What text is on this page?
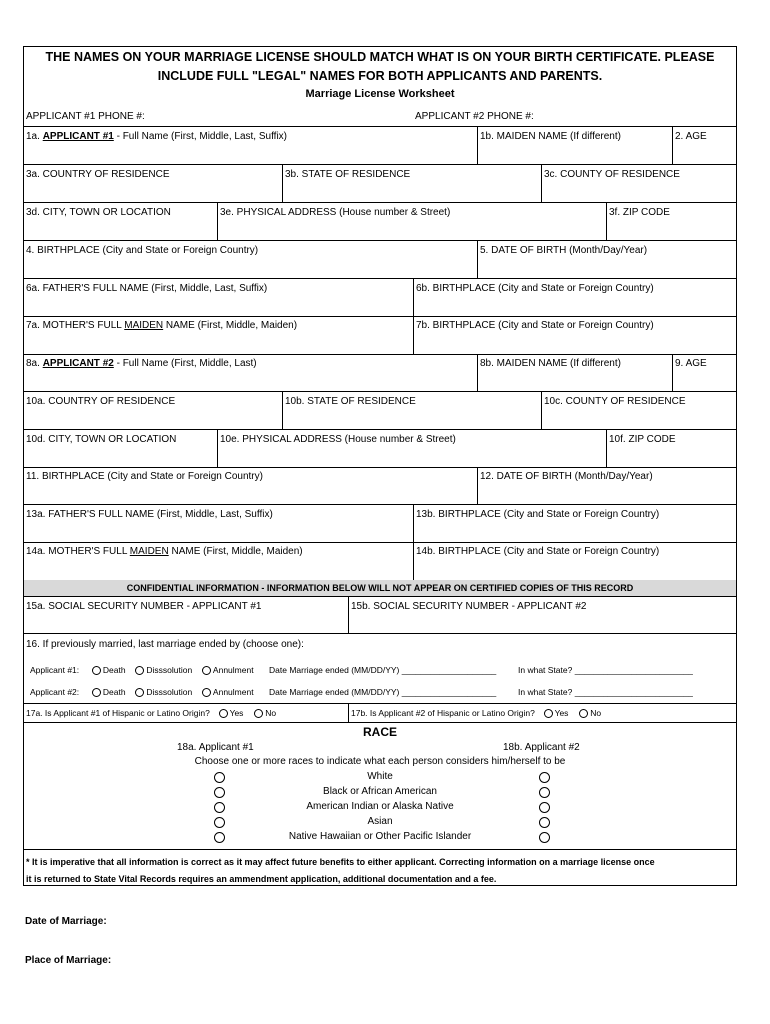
THE NAMES ON YOUR MARRIAGE LICENSE SHOULD MATCH WHAT IS ON YOUR BIRTH CERTIFICATE. PLEASE
INCLUDE FULL "LEGAL" NAMES FOR BOTH APPLICANTS AND PARENTS.
Marriage License Worksheet
APPLICANT #1 PHONE #:	APPLICANT #2 PHONE #:
1a. APPLICANT #1 - Full Name (First, Middle, Last, Suffix)	1b. MAIDEN NAME (If different)	2. AGE
3a. COUNTRY OF RESIDENCE	3b. STATE OF RESIDENCE	3c. COUNTY OF RESIDENCE
3d. CITY, TOWN OR LOCATION	3e. PHYSICAL ADDRESS (House number & Street)	3f. ZIP CODE
4. BIRTHPLACE (City and State or Foreign Country)	5. DATE OF BIRTH (Month/Day/Year)
6a. FATHER'S FULL NAME (First, Middle, Last, Suffix)	6b. BIRTHPLACE (City and State or Foreign Country)
7a. MOTHER'S FULL MAIDEN NAME (First, Middle, Maiden)	7b. BIRTHPLACE (City and State or Foreign Country)
8a. APPLICANT #2 - Full Name (First, Middle, Last)	8b. MAIDEN NAME (If different)	9. AGE
10a. COUNTRY OF RESIDENCE	10b. STATE OF RESIDENCE	10c. COUNTY OF RESIDENCE
10d. CITY, TOWN OR LOCATION	10e. PHYSICAL ADDRESS (House number & Street)	10f. ZIP CODE
11. BIRTHPLACE (City and State or Foreign Country)	12. DATE OF BIRTH (Month/Day/Year)
13a. FATHER'S FULL NAME (First, Middle, Last, Suffix)	13b. BIRTHPLACE (City and State or Foreign Country)
14a. MOTHER'S FULL MAIDEN NAME (First, Middle, Maiden)	14b. BIRTHPLACE (City and State or Foreign Country)
CONFIDENTIAL INFORMATION - INFORMATION BELOW WILL NOT APPEAR ON CERTIFIED COPIES OF THIS RECORD
15a. SOCIAL SECURITY NUMBER - APPLICANT #1	15b. SOCIAL SECURITY NUMBER - APPLICANT #2
16. If previously married, last marriage ended by (choose one):
Applicant #1:	Death Disssolution Annulment Date Marriage ended (MM/DD/YY) ____________________	In what State? _________________________
Applicant #2:	Death Disssolution Annulment Date Marriage ended (MM/DD/YY) ____________________	In what State? _________________________
17a. Is Applicant #1 of Hispanic or Latino Origin? Yes	No	17b. Is Applicant #2 of Hispanic or Latino Origin? Yes	No
RACE
18a. Applicant #1	18b. Applicant #2
Choose one or more races to indicate what each person considers him/herself to be
White
Black or African American
American Indian or Alaska Native
Asian
Native Hawaiian or Other Pacific Islander
* It is imperative that all information is correct as it may affect future benefits to either applicant. Correcting information on a marriage license once
it is returned to State Vital Records requires an ammendment application, additional documentation and a fee.
Date of Marriage:
Place of Marriage:
